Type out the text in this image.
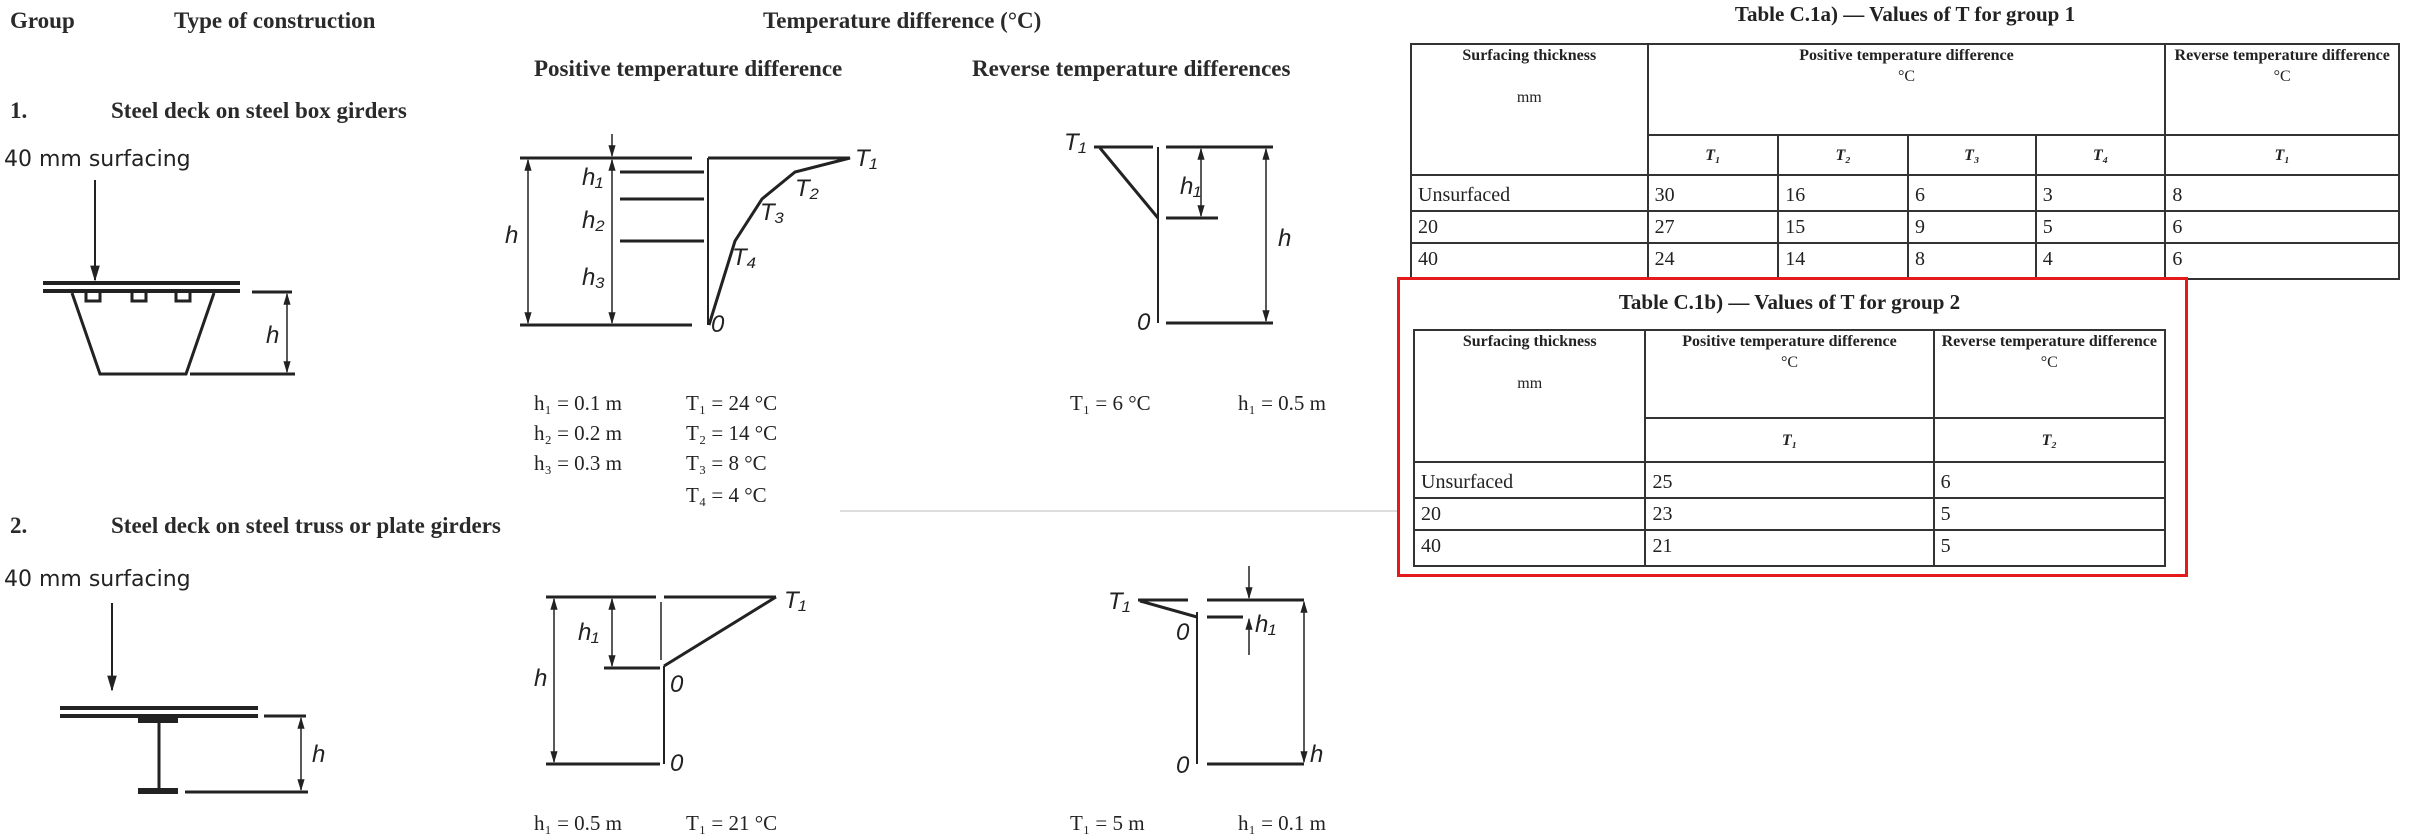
Group	Type of construction	Temperature difference (°C)
Positive temperature difference	Reverse temperature differences
1.	Steel deck on steel box girders
40 mm surfacing
h
T₁
T₂
T₃
T₄
0
h
h₁
h₂
h₃
T₁
h₁
h
0
h₁ = 0.1 m
h₂ = 0.2 m
h₃ = 0.3 m
T₁ = 24 °C
T₂ = 14 °C
T₃ = 8 °C
T₄ = 4 °C
T₁ = 6 °C	h₁ = 0.5 m
2.	Steel deck on steel truss or plate girders
40 mm surfacing
h
T₁
h₁
h	0
0
T₁
h₁
h
0
0
h₁ = 0.5 m	T₁ = 21 °C	T₁ = 5 m	h₁ = 0.1 m
Table C.1a) — Values of T for group 1
Surfacing thickness

mm	Positive temperature difference
°C				Reverse temperature difference
°C
	T₁	T₂	T₃	T₄	T₁
Unsurfaced	30	16	6	3	8
20	27	15	9	5	6
40	24	14	8	4	6
Table C.1b) — Values of T for group 2
Surfacing thickness

mm	Positive temperature difference
°C	Reverse temperature difference
°C
	T₁	T₂
Unsurfaced	25	6
20	23	5
40	21	5
